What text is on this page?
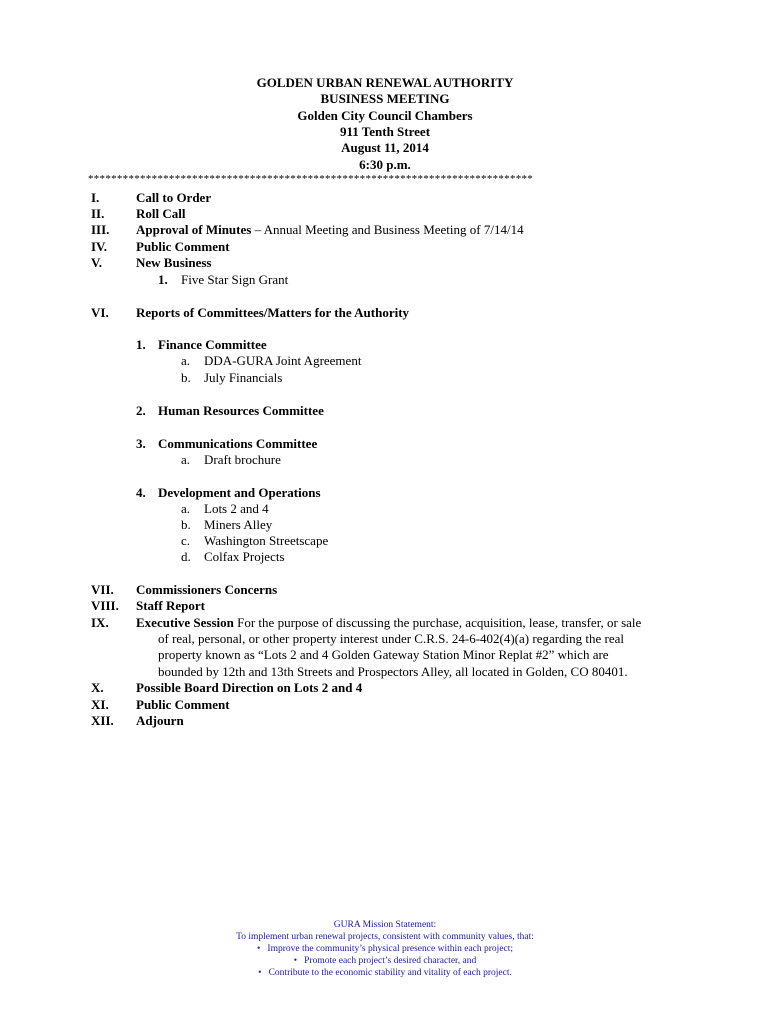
GOLDEN URBAN RENEWAL AUTHORITY
BUSINESS MEETING
Golden City Council Chambers
911 Tenth Street
August 11, 2014
6:30 p.m.
*****************************************************************************
I.	Call to Order
II. Roll Call
III. Approval of Minutes – Annual Meeting and Business Meeting of 7/14/14
IV. Public Comment
V.	New Business
1. Five Star Sign Grant
VI. Reports of Committees/Matters for the Authority
1. Finance Committee
a. DDA-GURA Joint Agreement
b. July Financials
2. Human Resources Committee
3. Communications Committee
a. Draft brochure
4. Development and Operations
a. Lots 2 and 4
b. Miners Alley
c. Washington Streetscape
d. Colfax Projects
VII. Commissioners Concerns
VIII. Staff Report
IX. Executive Session For the purpose of discussing the purchase, acquisition, lease, transfer, or sale
of real, personal, or other property interest under C.R.S. 24-6-402(4)(a) regarding the real
property known as “Lots 2 and 4 Golden Gateway Station Minor Replat #2” which are
bounded by 12th and 13th Streets and Prospectors Alley, all located in Golden, CO 80401.
X. Possible Board Direction on Lots 2 and 4
XI. Public Comment
XII. Adjourn
GURA Mission Statement:
To implement urban renewal projects, consistent with community values, that:
• Improve the community’s physical presence within each project;
• Promote each project’s desired character, and
• Contribute to the economic stability and vitality of each project.
